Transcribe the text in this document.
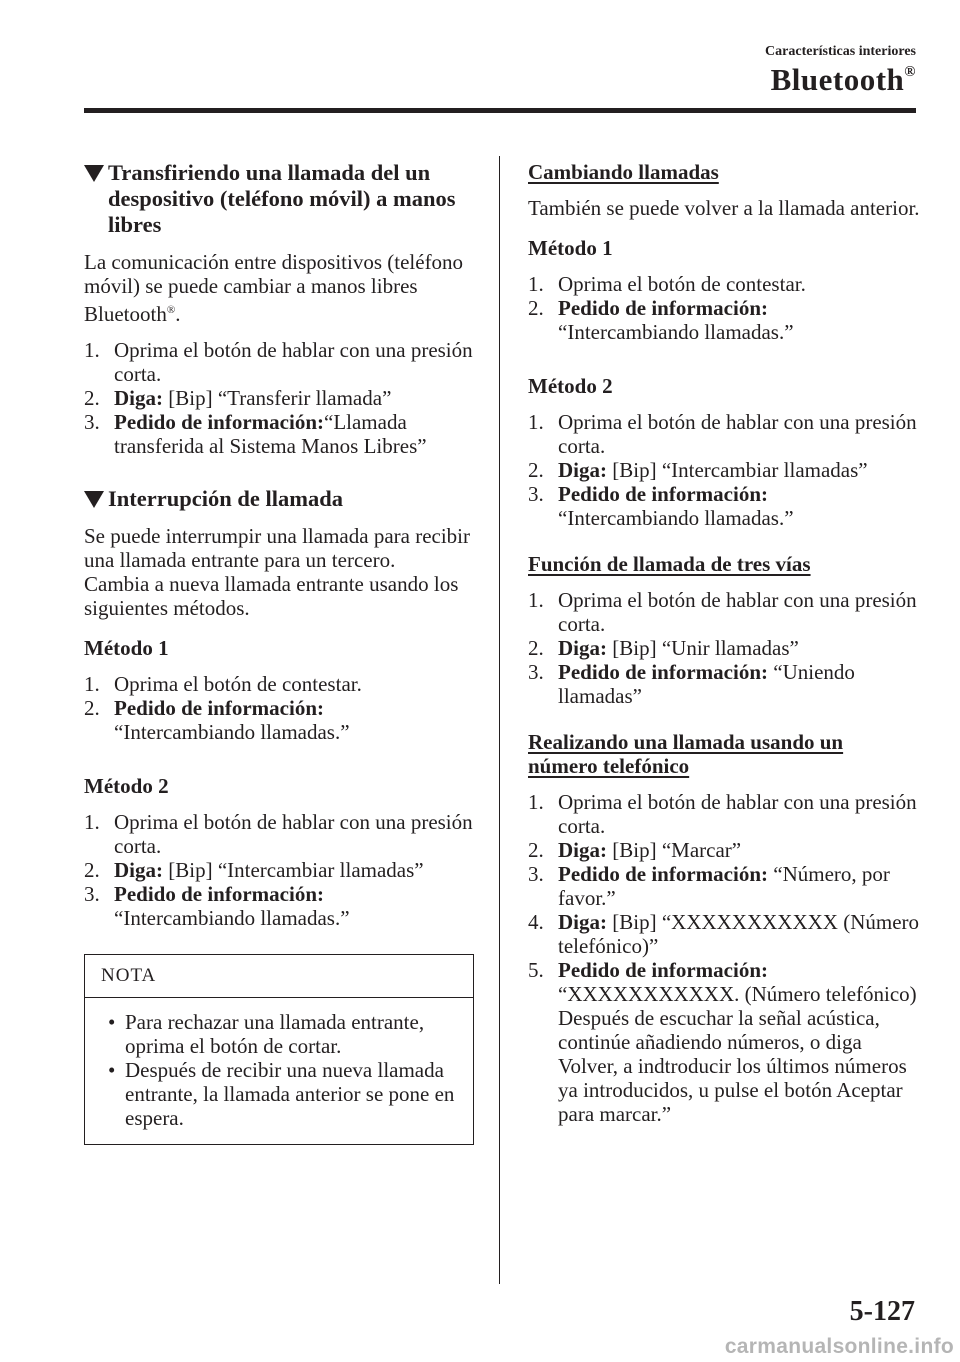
Características interiores
Bluetooth®
Transfiriendo una llamada del un despositivo (teléfono móvil) a manos libres

La comunicación entre dispositivos (teléfono móvil) se puede cambiar a manos libres Bluetooth®.

1. Oprima el botón de hablar con una presión corta.
2. Diga: [Bip] “Transferir llamada”
3. Pedido de información:“Llamada transferida al Sistema Manos Libres”
Interrupción de llamada

Se puede interrumpir una llamada para recibir una llamada entrante para un tercero.

Cambia a nueva llamada entrante usando los siguientes métodos.

Método 1

1. Oprima el botón de contestar.
2. Pedido de información:
“Intercambiando llamadas.”

Método 2

1. Oprima el botón de hablar con una presión corta.
2. Diga: [Bip] “Intercambiar llamadas”
3. Pedido de información:
“Intercambiando llamadas.”
NOTA
• Para rechazar una llamada entrante, oprima el botón de cortar.
• Después de recibir una nueva llamada entrante, la llamada anterior se pone en espera.

Cambiando llamadas

También se puede volver a la llamada anterior.

Método 1

1. Oprima el botón de contestar.
2. Pedido de información:
“Intercambiando llamadas.”

Método 2

1. Oprima el botón de hablar con una presión corta.
2. Diga: [Bip] “Intercambiar llamadas”
3. Pedido de información:
“Intercambiando llamadas.”

Función de llamada de tres vías

1. Oprima el botón de hablar con una presión corta.
2. Diga: [Bip] “Unir llamadas”
3. Pedido de información: “Uniendo llamadas”

Realizando una llamada usando un número telefónico

1. Oprima el botón de hablar con una presión corta.
2. Diga: [Bip] “Marcar”
3. Pedido de información: “Número, por favor.”
4. Diga: [Bip] “XXXXXXXXXXX (Número telefónico)”
5. Pedido de información:
“XXXXXXXXXXX. (Número telefónico) Después de escuchar la señal acústica, continúe añadiendo números, o diga Volver, a indtroducir los últimos números ya introducidos, u pulse el botón Aceptar para marcar.”
5-127
carmanualsonline.info
